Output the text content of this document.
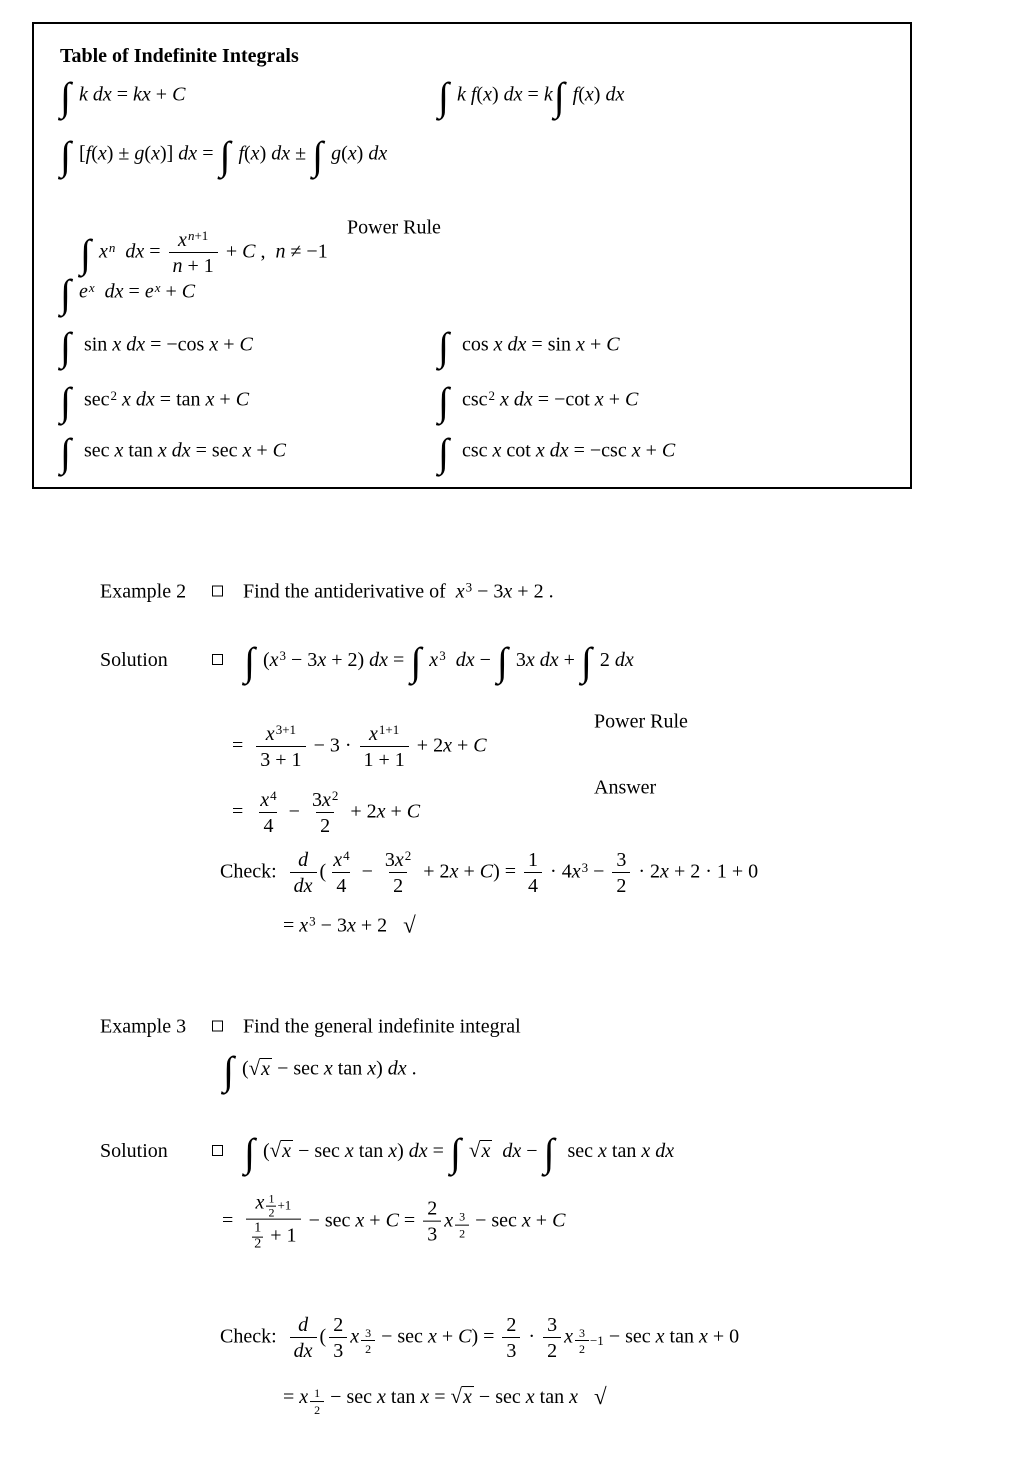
Table of Indefinite Integrals
∫ k dx = kx + C	∫ k f(x) dx = k∫ f(x) dx
∫ [f(x) ± g(x)] dx = ∫ f(x) dx ± ∫ g(x) dx

Power Rule

∫ x n dx = $\frac{\text{x n +1}}{n + 1} + C$ ,  n ≠ −1
∫ e x dx = e x + C
∫  sin x dx = −cos x + C	∫  cos x dx = sin x + C
∫  sec 2 x dx = tan x + C	∫  csc 2 x dx = −cot x + C
∫  sec x tan x dx = sec x + C	∫  csc x cot x dx = −csc x + C

Example 2	Find the antiderivative of  x 3 − 3x + 2 .

Solution ∫ (x 3 − 3x + 2) dx = ∫ x 3 dx − ∫ 3x dx + ∫ 2 dx

Power Rule

= $\frac{x 3+1}{3 + 1} - 3 \cdot \frac{x 1+1}{1 + 1} + 2x + C$

Answer

= $\frac{x 4}{4} - \frac{3x 2}{2} + 2x + C$
Check: $\frac{d}{dx}$ ( $\frac{x 4}{4} - \frac{3x 2}{2} + 2x + C) = \frac{1}{4} \cdot 4x$ $3 - \frac{3}{2} \cdot 2x + 2 \cdot 1 + 0$
= x 3 − 3x + 2 √

Example 3	Find the general indefinite integral

∫ (√x − sec x tan x) dx .

Solution ∫ (√x − sec x tan x) dx = ∫ √x dx − ∫  sec x tan x dx

= $\frac{x \frac{1}{2} +1}{\frac{1}{2} + 1} - \sec x + C = \frac{2}{3}$ x $\frac{3}{2} - \sec x + C$
Check: $\frac{d}{dx}$ ( $\frac{2}{3}$ x $\frac{3}{2} - \sec x + C) = \frac{2}{3} \cdot \frac{3}{2}$ x $\frac{3}{2} -1 - \sec x$ tan x + 0
= x $\frac{1}{2} - \sec x$ tan x = √x − sec x tan x √
